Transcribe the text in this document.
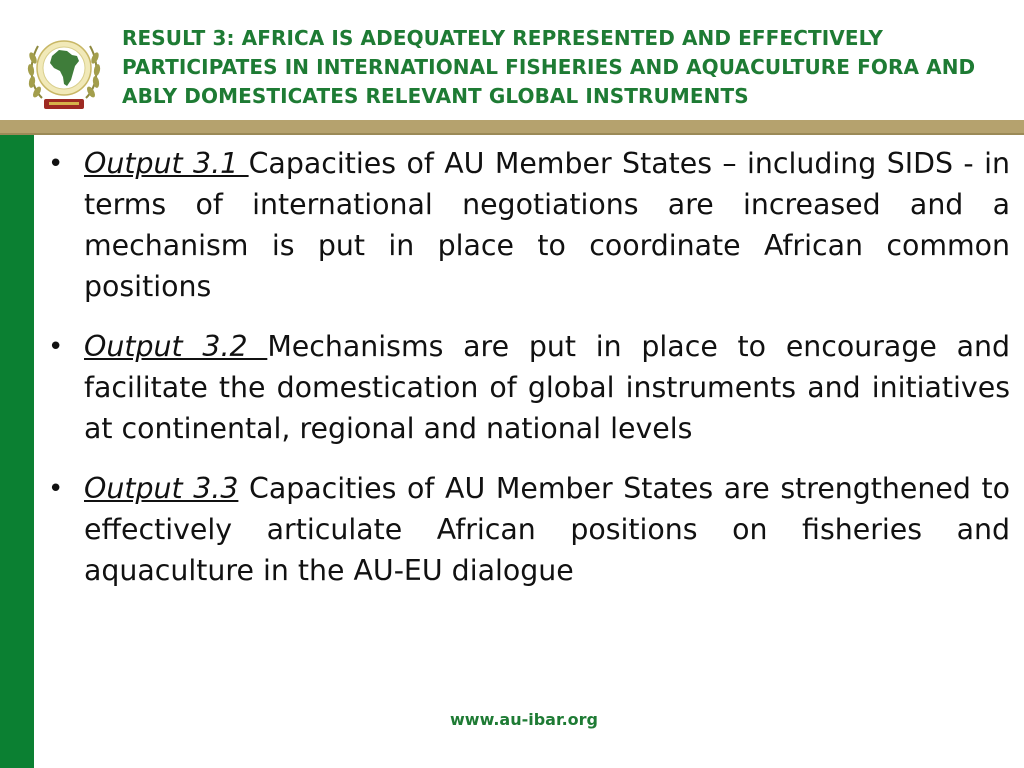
RESULT 3: AFRICA IS ADEQUATELY REPRESENTED AND EFFECTIVELY PARTICIPATES IN INTERNATIONAL FISHERIES AND AQUACULTURE FORA AND ABLY DOMESTICATES RELEVANT GLOBAL INSTRUMENTS
• Output 3.1 Capacities of AU Member States – including SIDS - in terms of international negotiations are increased and a mechanism is put in place to coordinate African common positions
• Output 3.2 Mechanisms are put in place to encourage and facilitate the domestication of global instruments and initiatives at continental, regional and national levels
• Output 3.3 Capacities of AU Member States are strengthened to effectively articulate African positions on fisheries and aquaculture in the AU-EU dialogue
www.au-ibar.org
